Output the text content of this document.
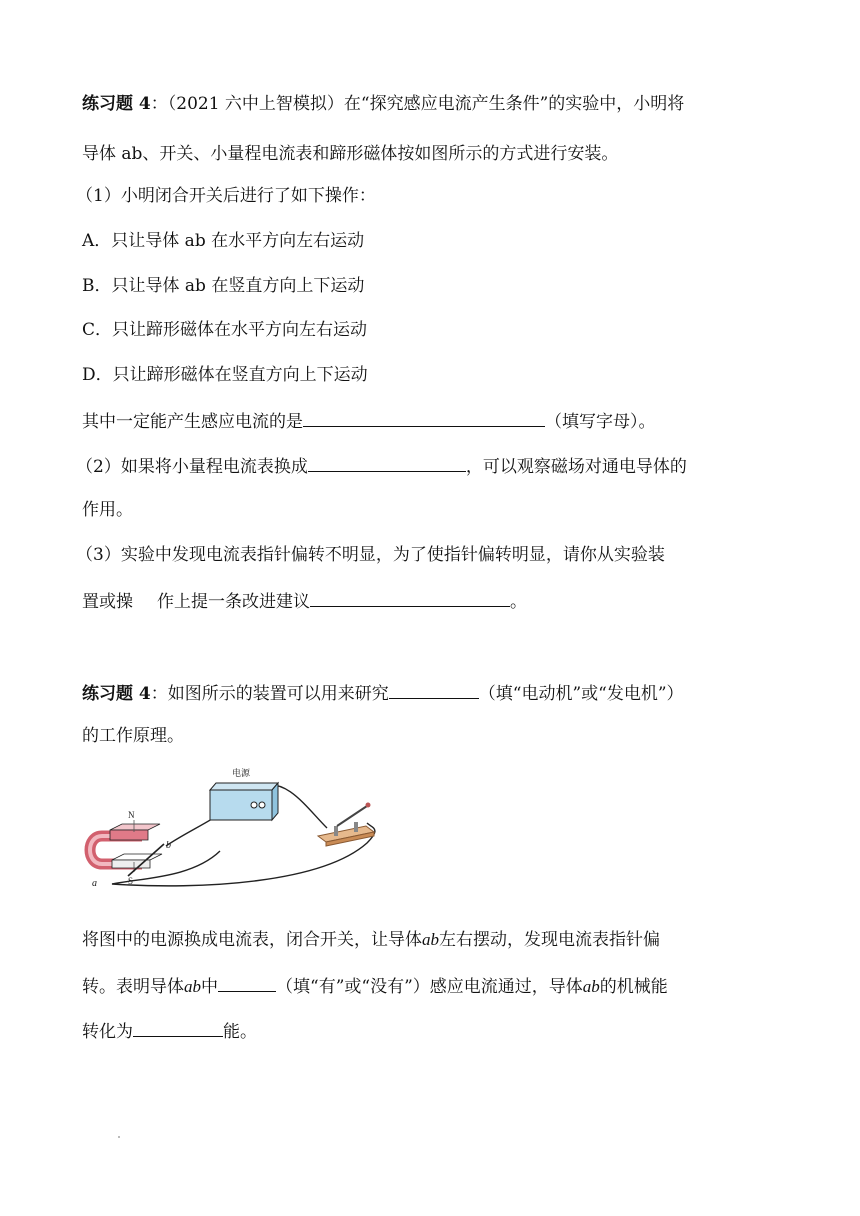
练习题 4：（2021 六中上智模拟）在“探究感应电流产生条件”的实验中，小明将
导体 ab、开关、小量程电流表和蹄形磁体按如图所示的方式进行安装。
（1）小明闭合开关后进行了如下操作：
A．只让导体 ab 在水平方向左右运动
B．只让导体 ab 在竖直方向上下运动
C．只让蹄形磁体在水平方向左右运动
D．只让蹄形磁体在竖直方向上下运动
其中一定能产生感应电流的是	（填写字母）。
（2）如果将小量程电流表换成	，可以观察磁场对通电导体的
作用。
（3）实验中发现电流表指针偏转不明显，为了使指针偏转明显，请你从实验装
置或操 作上提一条改进建议	。
练习题 4：如图所示的装置可以用来研究	（填“电动机”或“发电机”）
的工作原理。
电源
N
S
b
a
将图中的电源换成电流表，闭合开关，让导体ab左右摆动，发现电流表指针偏
转。表明导体ab中	（填“有”或“没有”）感应电流通过，导体ab的机械能
转化为	能。
